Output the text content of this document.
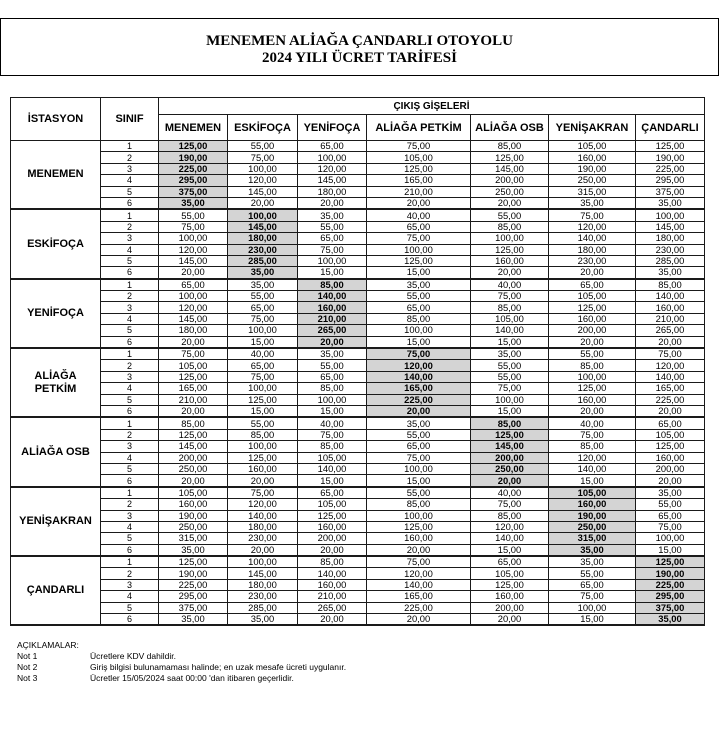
MENEMEN ALİAĞA ÇANDARLI OTOYOLU
2024 YILI ÜCRET TARİFESİ
İSTASYON	SINIF
ÇIKIŞ GİŞELERİ
MENEMEN	ESKİFOÇA	YENİFOÇA	ALİAĞA PETKİM	ALİAĞA OSB	YENİŞAKRAN	ÇANDARLI
MENEMEN
1	125,00	55,00	65,00	75,00	85,00	105,00	125,00
2	190,00	75,00	100,00	105,00	125,00	160,00	190,00
3	225,00	100,00	120,00	125,00	145,00	190,00	225,00
4	295,00	120,00	145,00	165,00	200,00	250,00	295,00
5	375,00	145,00	180,00	210,00	250,00	315,00	375,00
6	35,00	20,00	20,00	20,00	20,00	35,00	35,00
ESKİFOÇA
1	55,00	100,00	35,00	40,00	55,00	75,00	100,00
2	75,00	145,00	55,00	65,00	85,00	120,00	145,00
3	100,00	180,00	65,00	75,00	100,00	140,00	180,00
4	120,00	230,00	75,00	100,00	125,00	180,00	230,00
5	145,00	285,00	100,00	125,00	160,00	230,00	285,00
6	20,00	35,00	15,00	15,00	20,00	20,00	35,00
YENİFOÇA
1	65,00	35,00	85,00	35,00	40,00	65,00	85,00
2	100,00	55,00	140,00	55,00	75,00	105,00	140,00
3	120,00	65,00	160,00	65,00	85,00	125,00	160,00
4	145,00	75,00	210,00	85,00	105,00	160,00	210,00
5	180,00	100,00	265,00	100,00	140,00	200,00	265,00
6	20,00	15,00	20,00	15,00	15,00	20,00	20,00
ALİAĞA
PETKİM
1	75,00	40,00	35,00	75,00	35,00	55,00	75,00
2	105,00	65,00	55,00	120,00	55,00	85,00	120,00
3	125,00	75,00	65,00	140,00	55,00	100,00	140,00
4	165,00	100,00	85,00	165,00	75,00	125,00	165,00
5	210,00	125,00	100,00	225,00	100,00	160,00	225,00
6	20,00	15,00	15,00	20,00	15,00	20,00	20,00
ALİAĞA OSB
1	85,00	55,00	40,00	35,00	85,00	40,00	65,00
2	125,00	85,00	75,00	55,00	125,00	75,00	105,00
3	145,00	100,00	85,00	65,00	145,00	85,00	125,00
4	200,00	125,00	105,00	75,00	200,00	120,00	160,00
5	250,00	160,00	140,00	100,00	250,00	140,00	200,00
6	20,00	20,00	15,00	15,00	20,00	15,00	20,00
YENİŞAKRAN
1	105,00	75,00	65,00	55,00	40,00	105,00	35,00
2	160,00	120,00	105,00	85,00	75,00	160,00	55,00
3	190,00	140,00	125,00	100,00	85,00	190,00	65,00
4	250,00	180,00	160,00	125,00	120,00	250,00	75,00
5	315,00	230,00	200,00	160,00	140,00	315,00	100,00
6	35,00	20,00	20,00	20,00	15,00	35,00	15,00
ÇANDARLI
1	125,00	100,00	85,00	75,00	65,00	35,00	125,00
2	190,00	145,00	140,00	120,00	105,00	55,00	190,00
3	225,00	180,00	160,00	140,00	125,00	65,00	225,00
4	295,00	230,00	210,00	165,00	160,00	75,00	295,00
5	375,00	285,00	265,00	225,00	200,00	100,00	375,00
6	35,00	35,00	20,00	20,00	20,00	15,00	35,00
AÇIKLAMALAR:
Not 1	Ücretlere KDV dahildir.
Not 2	Giriş bilgisi bulunamaması halinde; en uzak mesafe ücreti uygulanır.
Not 3	Ücretler 15/05/2024 saat 00:00 'dan itibaren geçerlidir.
